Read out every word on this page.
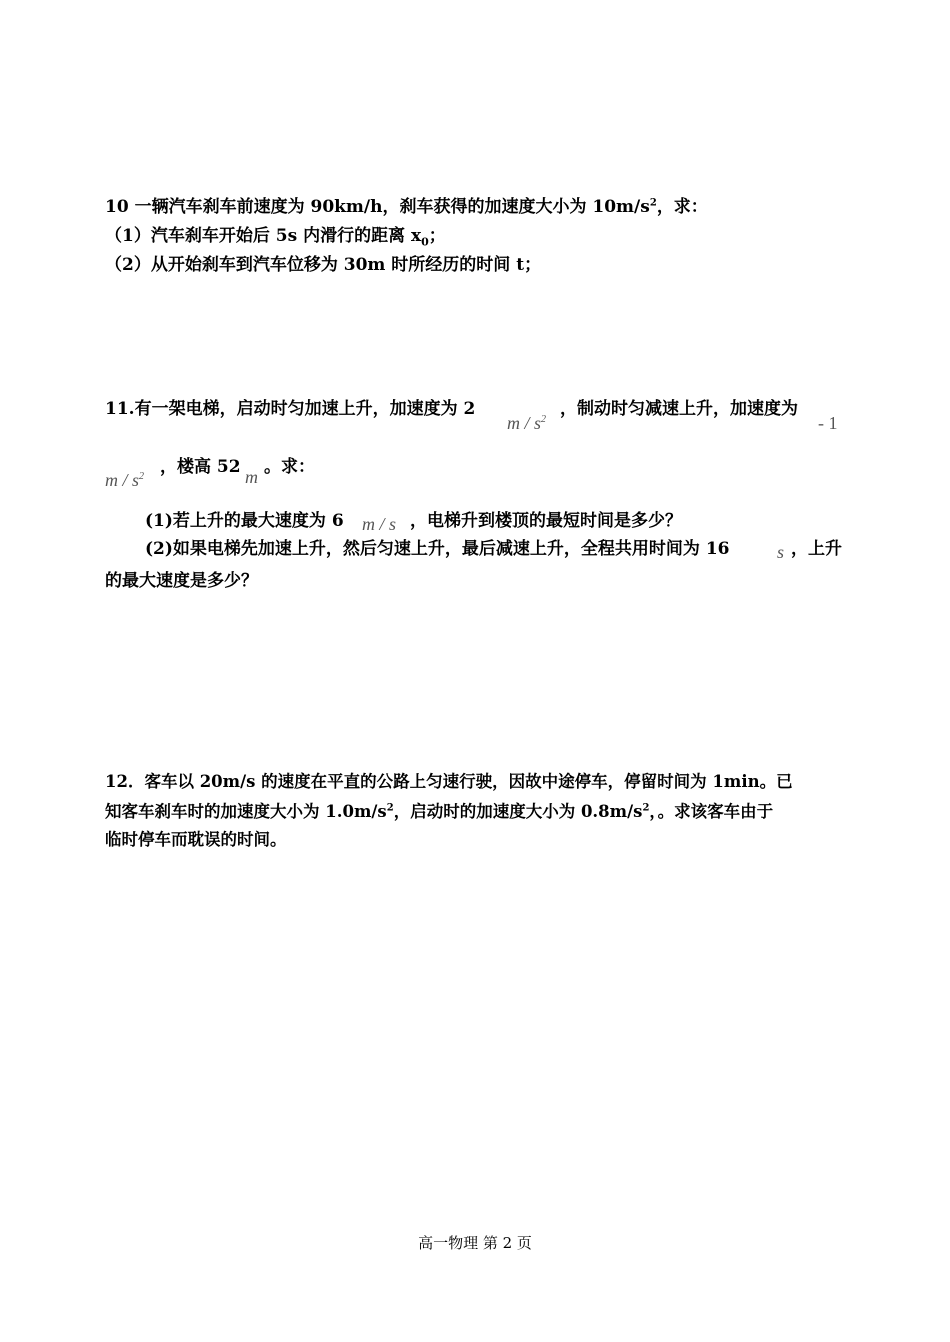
10 一辆汽车刹车前速度为 90km/h，刹车获得的加速度大小为 $10m/s^2$，求：
（1）汽车刹车开始后 5s 内滑行的距离 $x_0$；
（2）从开始刹车到汽车位移为 30m 时所经历的时间 t；
11.有一架电梯，启动时匀加速上升，加速度为 2
m / $s^2$
，制动时匀减速上升，加速度为
- 1
m / $s^2$ ，楼高 52 m 。求：
(1)若上升的最大速度为 6 m / s ，电梯升到楼顶的最短时间是多少？
(2)如果电梯先加速上升，然后匀速上升，最后减速上升，全程共用时间为 16	s ，上升
的最大速度是多少？
12．客车以 20m/s 的速度在平直的公路上匀速行驶，因故中途停车，停留时间为 1min。已
知客车刹车时的加速度大小为 $1.0m/s^2$，启动时的加速度大小为 $0.8m/s^2$，。求该客车由于
临时停车而耽误的时间。
高一物理 第 2 页
